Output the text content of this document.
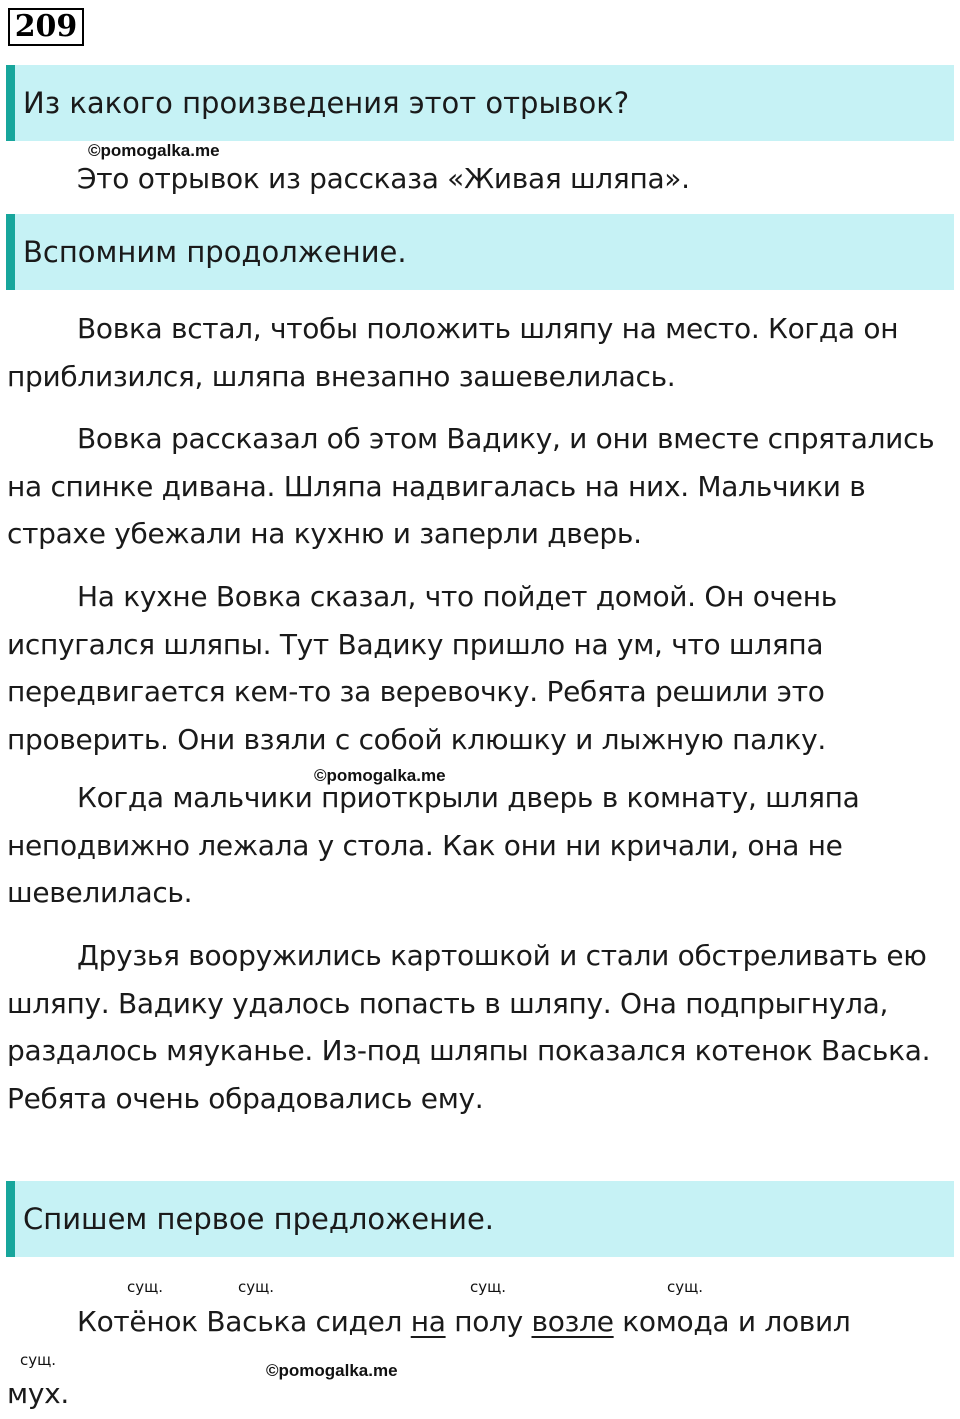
209
Из какого произведения этот отрывок?
©pomogalka.me
Это отрывок из рассказа «Живая шляпа».
Вспомним продолжение.
Вовка встал, чтобы положить шляпу на место. Когда он приблизился, шляпа внезапно зашевелилась.
Вовка рассказал об этом Вадику, и они вместе спрятались на спинке дивана. Шляпа надвигалась на них. Мальчики в страхе убежали на кухню и заперли дверь.
На кухне Вовка сказал, что пойдет домой. Он очень испугался шляпы. Тут Вадику пришло на ум, что шляпа передвигается кем-то за веревочку. Ребята решили это проверить. Они взяли с собой клюшку и лыжную палку.
©pomogalka.me
Когда мальчики приоткрыли дверь в комнату, шляпа неподвижно лежала у стола. Как они ни кричали, она не шевелилась.
Друзья вооружились картошкой и стали обстреливать ею шляпу. Вадику удалось попасть в шляпу. Она подпрыгнула, раздалось мяуканье. Из-под шляпы показался котенок Васька. Ребята очень обрадовались ему.
Спишем первое предложение.
сущ.	сущ.	сущ.	сущ.
Котёнок Васька сидел на полу возле комода и ловил
сущ.
©pomogalka.me
мух.
